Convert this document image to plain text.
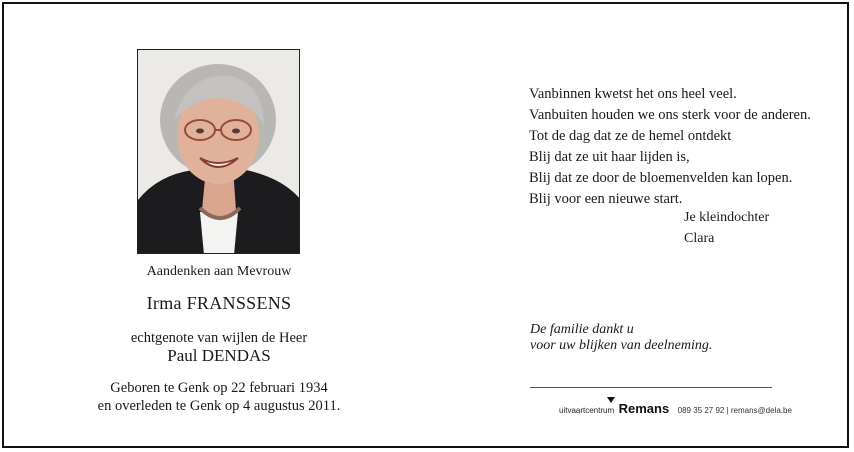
Aandenken aan Mevrouw
Irma FRANSSENS
echtgenote van wijlen de Heer
Paul DENDAS
Geboren te Genk op 22 februari 1934
en overleden te Genk op 4 augustus 2011.
Vanbinnen kwetst het ons heel veel.
Vanbuiten houden we ons sterk voor de anderen.
Tot de dag dat ze de hemel ontdekt
Blij dat ze uit haar lijden is,
Blij dat ze door de bloemenvelden kan lopen.
Blij voor een nieuwe start.
Je kleindochter
Clara
De familie dankt u
voor uw blijken van deelneming.
uitvaartcentrum Remans 089 35 27 92 | remans@dela.be
